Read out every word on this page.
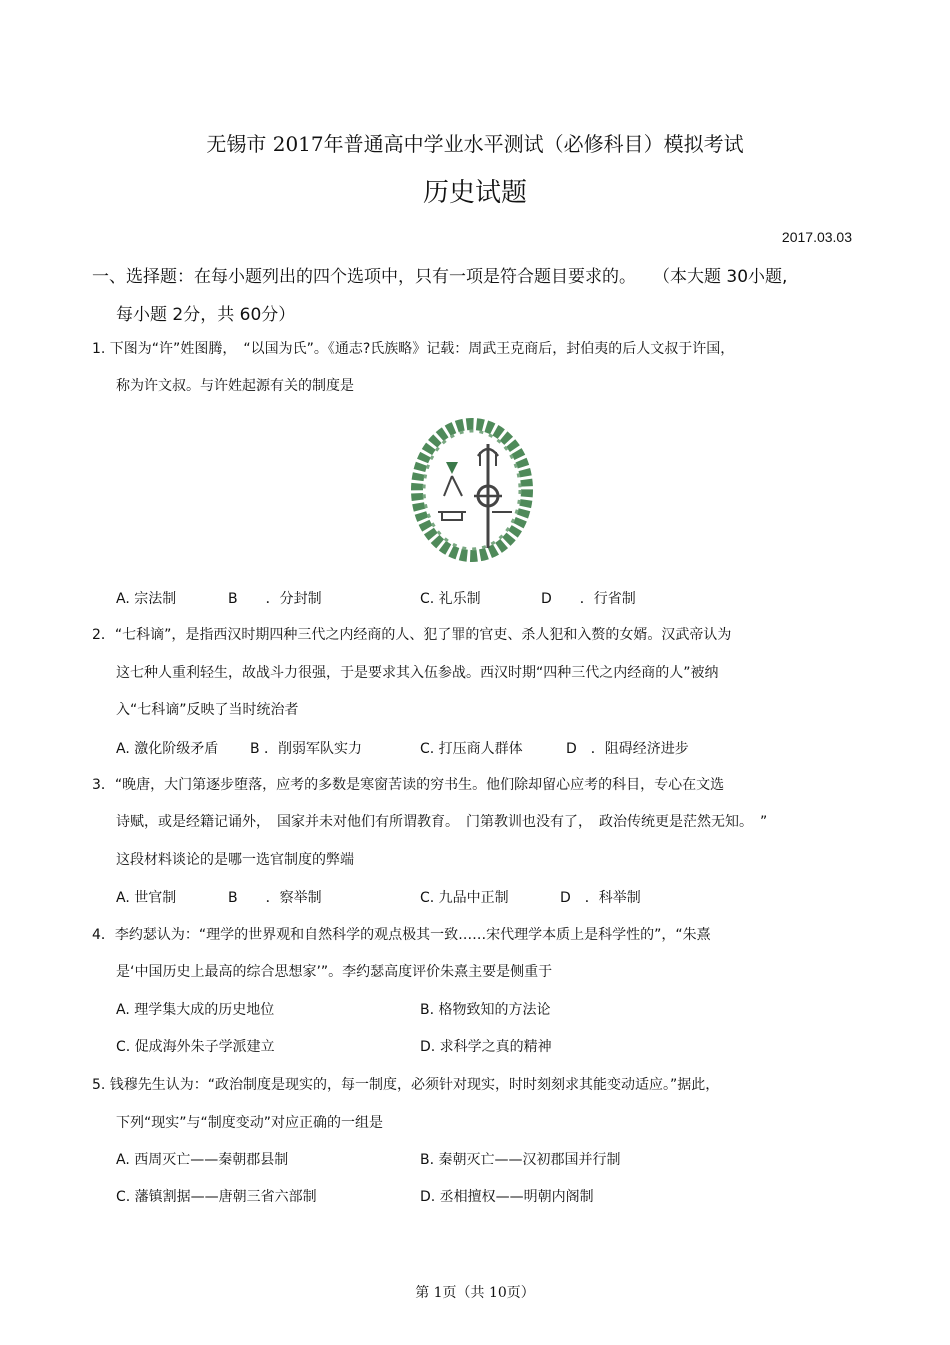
无锡市 2017年普通高中学业水平测试（必修科目）模拟考试
历史试题
2017.03.03
一、选择题：在每小题列出的四个选项中，只有一项是符合题目要求的。　　（本大题 30小题,
每小题 2分，共 60分）
1. 下图为“许”姓图腾，　“以国为氏”。《通志?氏族略》记载：周武王克商后，封伯夷的后人文叔于许国，
称为许文叔。与许姓起源有关的制度是
A. 宗法制	B　　．分封制	C. 礼乐制	D　　．行省制
2．“七科谪”，是指西汉时期四种三代之内经商的人、犯了罪的官吏、杀人犯和入赘的女婿。汉武帝认为
这七种人重利轻生，故战斗力很强，于是要求其入伍参战。西汉时期“四种三代之内经商的人”被纳
入“七科谪”反映了当时统治者
A. 激化阶级矛盾 B ．削弱军队实力	C. 打压商人群体	D　．阻碍经济进步
3．“晚唐，大门第逐步堕落，应考的多数是寒窗苦读的穷书生。他们除却留心应考的科目，专心在文选
诗赋，或是经籍记诵外，　国家并未对他们有所谓教育。　门第教训也没有了，　政治传统更是茫然无知。　”
这段材料谈论的是哪一选官制度的弊端
A. 世官制	B　　．察举制	C. 九品中正制	D　．科举制
4．李约瑟认为：“理学的世界观和自然科学的观点极其一致……宋代理学本质上是科学性的”，“朱熹
是‘中国历史上最高的综合思想家’”。李约瑟高度评价朱熹主要是侧重于
A. 理学集大成的历史地位	B. 格物致知的方法论
C. 促成海外朱子学派建立	D. 求科学之真的精神
5. 钱穆先生认为：“政治制度是现实的，每一制度，必须针对现实，时时刻刻求其能变动适应。”据此，
下列“现实”与“制度变动”对应正确的一组是
A. 西周灭亡——秦朝郡县制	B. 秦朝灭亡——汉初郡国并行制
C. 藩镇割据——唐朝三省六部制	D. 丞相擅权——明朝内阁制
第 1页（共 10页）
